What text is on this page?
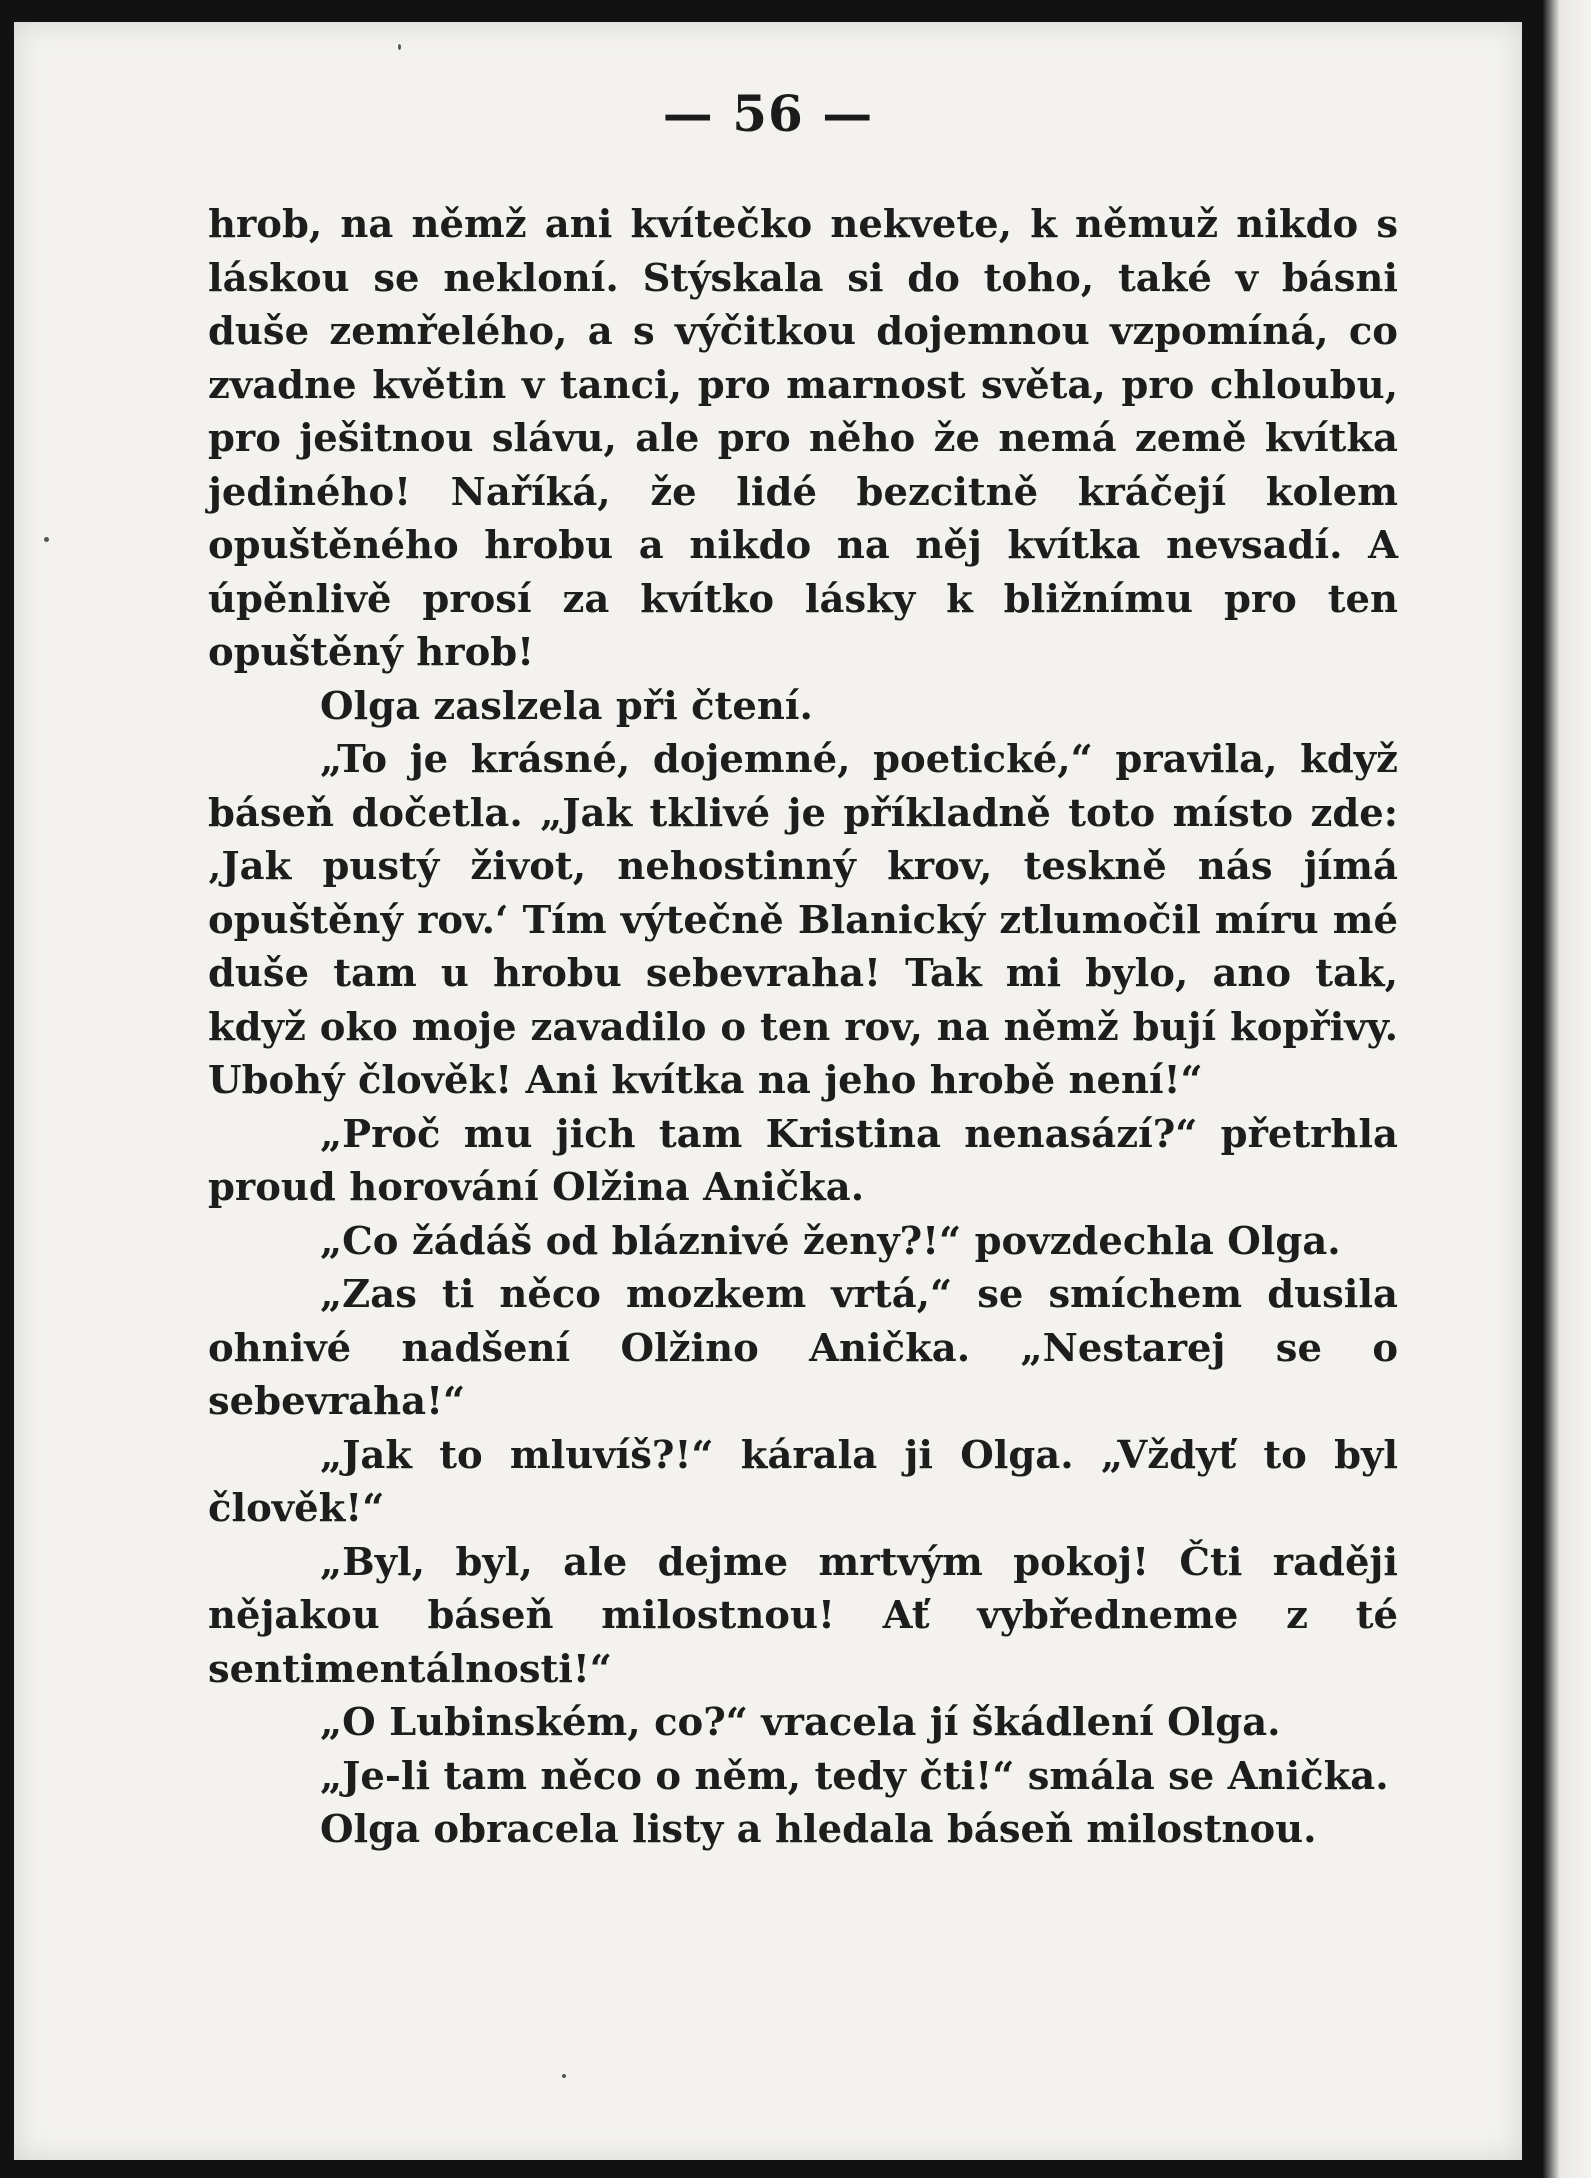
— 56 —

hrob, na němž ani kvítečko nekvete, k němuž nikdo s láskou se nekloní. Stýskala si do toho, také v básni duše zemřelého, a s výčitkou dojemnou vzpomíná, co zvadne květin v tanci, pro marnost světa, pro chloubu, pro ješitnou slávu, ale pro něho že nemá země kvítka jediného! Naříká, že lidé bezcitně kráčejí kolem opuštěného hrobu a nikdo na něj kvítka nevsadí. A úpěnlivě prosí za kvítko lásky k bližnímu pro ten opuštěný hrob!

Olga zaslzela při čtení.

„To je krásné, dojemné, poetické,“ pravila, když báseň dočetla. „Jak tklivé je příkladně toto místo zde: ‚Jak pustý život, nehostinný krov, teskně nás jímá opuštěný rov.‘ Tím výtečně Blanický ztlumočil míru mé duše tam u hrobu sebevraha! Tak mi bylo, ano tak, když oko moje zavadilo o ten rov, na němž bují kopřivy. Ubohý člověk! Ani kvítka na jeho hrobě není!“

„Proč mu jich tam Kristina nenasází?“ přetrhla proud horování Olžina Anička.

„Co žádáš od bláznivé ženy?!“ povzdechla Olga.

„Zas ti něco mozkem vrtá,“ se smíchem dusila ohnivé nadšení Olžino Anička. „Nestarej se o sebevraha!“

„Jak to mluvíš?!“ kárala ji Olga. „Vždyť to byl člověk!“

„Byl, byl, ale dejme mrtvým pokoj! Čti raději nějakou báseň milostnou! Ať vybředneme z té sentimentálnosti!“

„O Lubinském, co?“ vracela jí škádlení Olga.

„Je-li tam něco o něm, tedy čti!“ smála se Anička.

Olga obracela listy a hledala báseň milostnou.
